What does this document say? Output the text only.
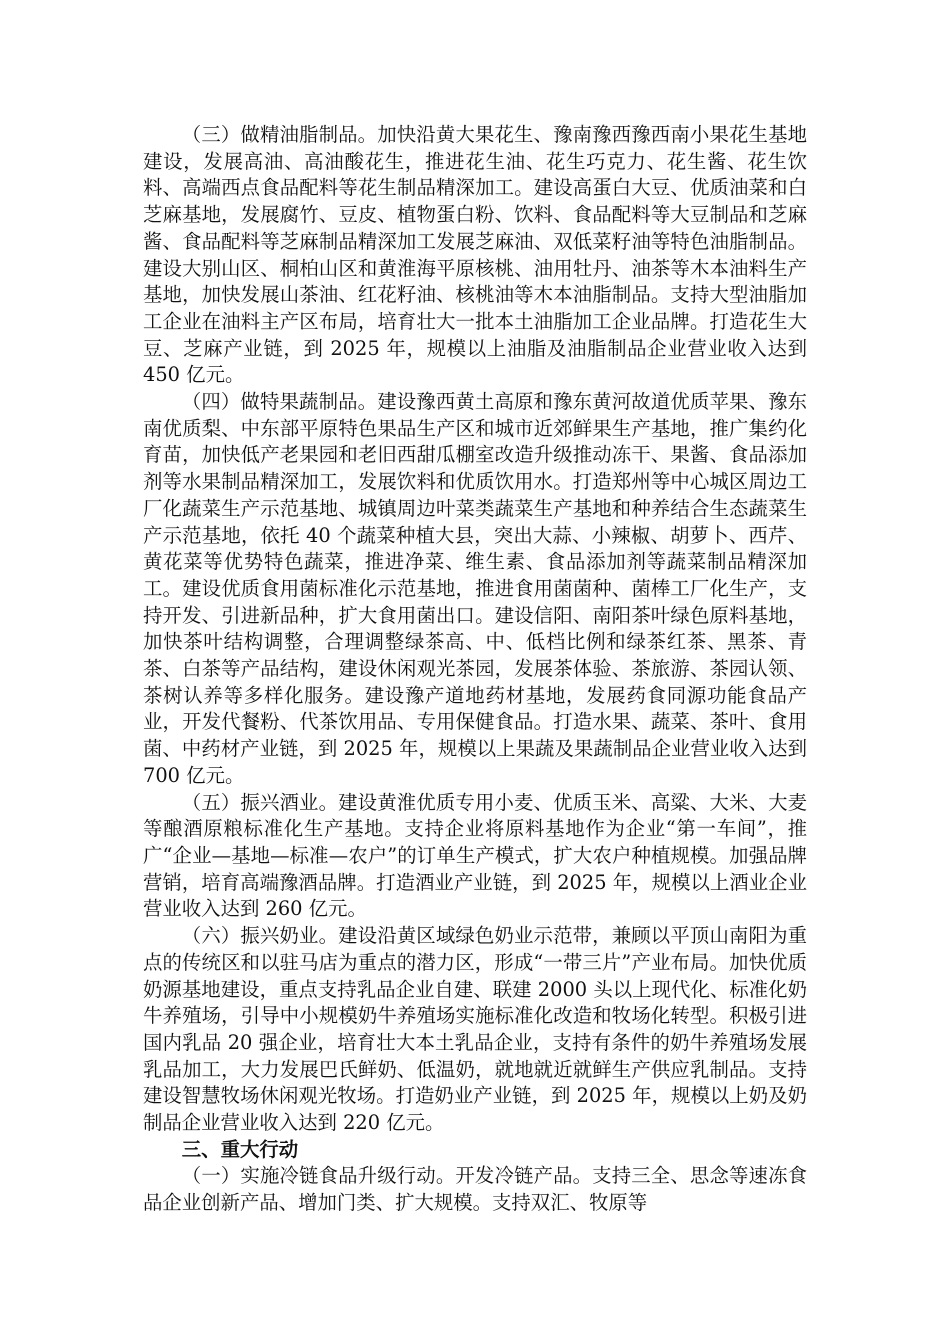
（三）做精油脂制品。加快沿黄大果花生、豫南豫西豫西南小果花生基地建设，发展高油、高油酸花生，推进花生油、花生巧克力、花生酱、花生饮料、高端西点食品配料等花生制品精深加工。建设高蛋白大豆、优质油菜和白芝麻基地，发展腐竹、豆皮、植物蛋白粉、饮料、食品配料等大豆制品和芝麻酱、食品配料等芝麻制品精深加工发展芝麻油、双低菜籽油等特色油脂制品。建设大别山区、桐柏山区和黄淮海平原核桃、油用牡丹、油茶等木本油料生产基地，加快发展山茶油、红花籽油、核桃油等木本油脂制品。支持大型油脂加工企业在油料主产区布局，培育壮大一批本土油脂加工企业品牌。打造花生大豆、芝麻产业链，到 2025 年，规模以上油脂及油脂制品企业营业收入达到 450 亿元。

（四）做特果蔬制品。建设豫西黄土高原和豫东黄河故道优质苹果、豫东南优质梨、中东部平原特色果品生产区和城市近郊鲜果生产基地，推广集约化育苗，加快低产老果园和老旧西甜瓜棚室改造升级推动冻干、果酱、食品添加剂等水果制品精深加工，发展饮料和优质饮用水。打造郑州等中心城区周边工厂化蔬菜生产示范基地、城镇周边叶菜类蔬菜生产基地和种养结合生态蔬菜生产示范基地，依托 40 个蔬菜种植大县，突出大蒜、小辣椒、胡萝卜、西芹、黄花菜等优势特色蔬菜，推进净菜、维生素、食品添加剂等蔬菜制品精深加工。建设优质食用菌标准化示范基地，推进食用菌菌种、菌棒工厂化生产，支持开发、引进新品种，扩大食用菌出口。建设信阳、南阳茶叶绿色原料基地，加快茶叶结构调整，合理调整绿茶高、中、低档比例和绿茶红茶、黑茶、青茶、白茶等产品结构，建设休闲观光茶园，发展茶体验、茶旅游、茶园认领、茶树认养等多样化服务。建设豫产道地药材基地，发展药食同源功能食品产业，开发代餐粉、代茶饮用品、专用保健食品。打造水果、蔬菜、茶叶、食用菌、中药材产业链，到 2025 年，规模以上果蔬及果蔬制品企业营业收入达到 700 亿元。

（五）振兴酒业。建设黄淮优质专用小麦、优质玉米、高粱、大米、大麦等酿酒原粮标准化生产基地。支持企业将原料基地作为企业“第一车间”，推广“企业—基地—标准—农户”的订单生产模式，扩大农户种植规模。加强品牌营销，培育高端豫酒品牌。打造酒业产业链，到 2025 年，规模以上酒业企业营业收入达到 260 亿元。

（六）振兴奶业。建设沿黄区域绿色奶业示范带，兼顾以平顶山南阳为重点的传统区和以驻马店为重点的潜力区，形成“一带三片”产业布局。加快优质奶源基地建设，重点支持乳品企业自建、联建 2000 头以上现代化、标准化奶牛养殖场，引导中小规模奶牛养殖场实施标准化改造和牧场化转型。积极引进国内乳品 20 强企业，培育壮大本土乳品企业，支持有条件的奶牛养殖场发展乳品加工，大力发展巴氏鲜奶、低温奶，就地就近就鲜生产供应乳制品。支持建设智慧牧场休闲观光牧场。打造奶业产业链，到 2025 年，规模以上奶及奶制品企业营业收入达到 220 亿元。

三、重大行动

（一）实施冷链食品升级行动。开发冷链产品。支持三全、思念等速冻食品企业创新产品、增加门类、扩大规模。支持双汇、牧原等
